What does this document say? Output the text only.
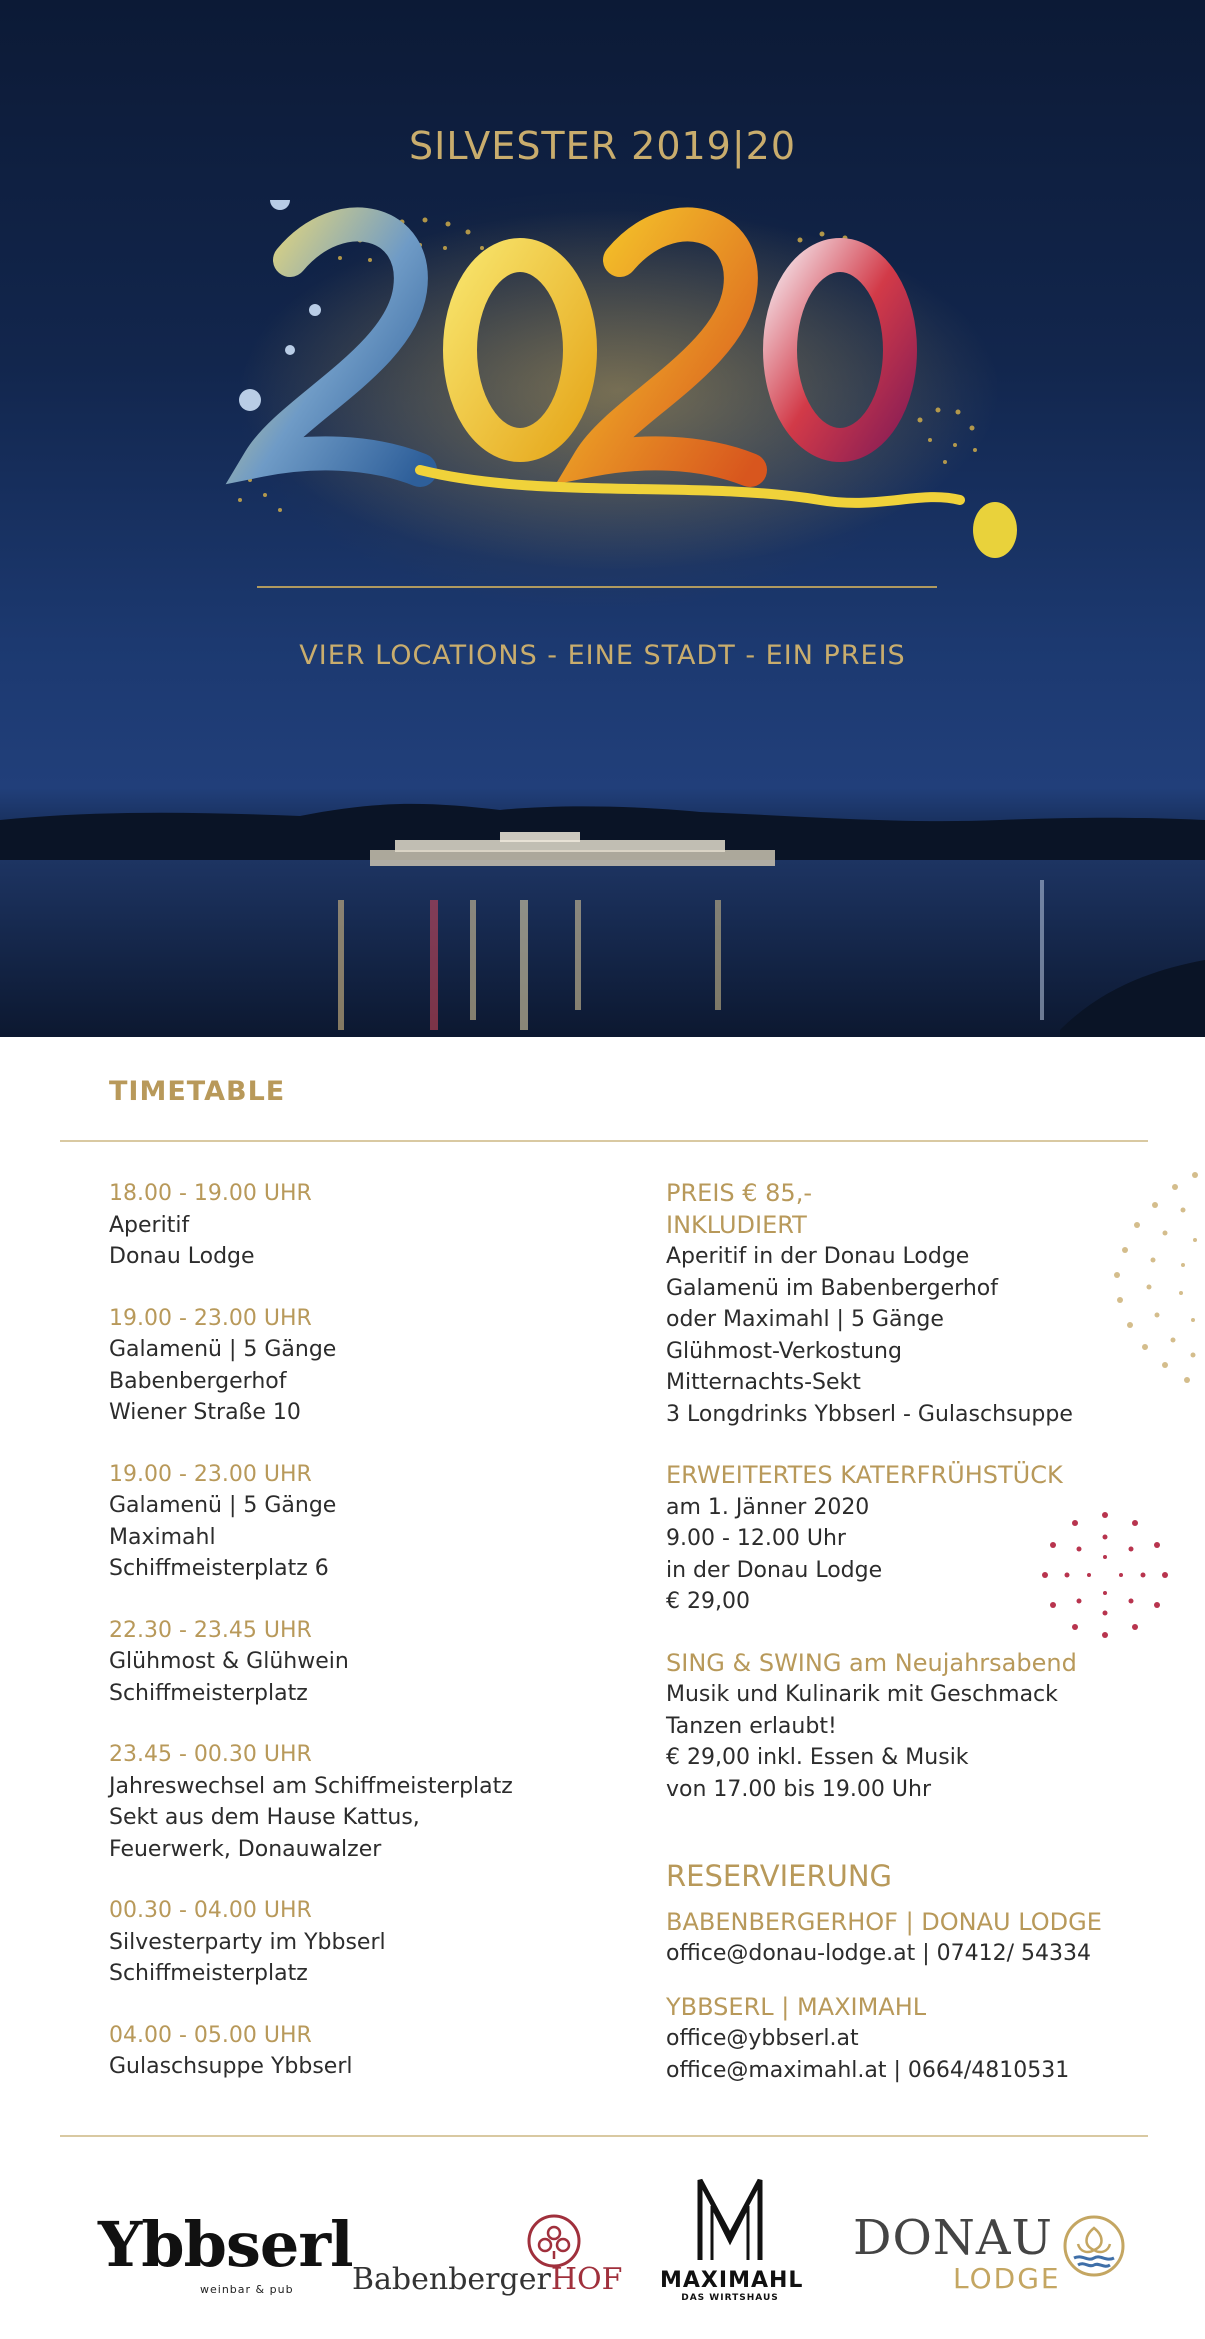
SILVESTER 2019|20
VIER LOCATIONS - EINE STADT - EIN PREIS
TIMETABLE
18.00 - 19.00 UHR
Aperitif
Donau Lodge
19.00 - 23.00 UHR
Galamenü | 5 Gänge
Babenbergerhof
Wiener Straße 10
19.00 - 23.00 UHR
Galamenü | 5 Gänge
Maximahl
Schiffmeisterplatz 6
22.30 - 23.45 UHR
Glühmost & Glühwein
Schiffmeisterplatz
23.45 - 00.30 UHR
Jahreswechsel am Schiffmeisterplatz
Sekt aus dem Hause Kattus,
Feuerwerk, Donauwalzer
00.30 - 04.00 UHR
Silvesterparty im Ybbserl
Schiffmeisterplatz
04.00 - 05.00 UHR
Gulaschsuppe Ybbserl
PREIS € 85,-
INKLUDIERT
Aperitif in der Donau Lodge
Galamenü im Babenbergerhof
oder Maximahl | 5 Gänge
Glühmost-Verkostung
Mitternachts-Sekt
3 Longdrinks Ybbserl - Gulaschsuppe
ERWEITERTES KATERFRÜHSTÜCK
am 1. Jänner 2020
9.00 - 12.00 Uhr
in der Donau Lodge
€ 29,00
SING & SWING am Neujahrsabend
Musik und Kulinarik mit Geschmack
Tanzen erlaubt!
€ 29,00 inkl. Essen & Musik
von 17.00 bis 19.00 Uhr
RESERVIERUNG
BABENBERGERHOF | DONAU LODGE
office@donau-lodge.at | 07412/ 54334
YBBSERL | MAXIMAHL
office@ybbserl.at
office@maximahl.at | 0664/4810531
Ybbserl
weinbar & pub BabenbergerHOF MAXIMAHL
DAS WIRTSHAUS
DONAU
LODGE
